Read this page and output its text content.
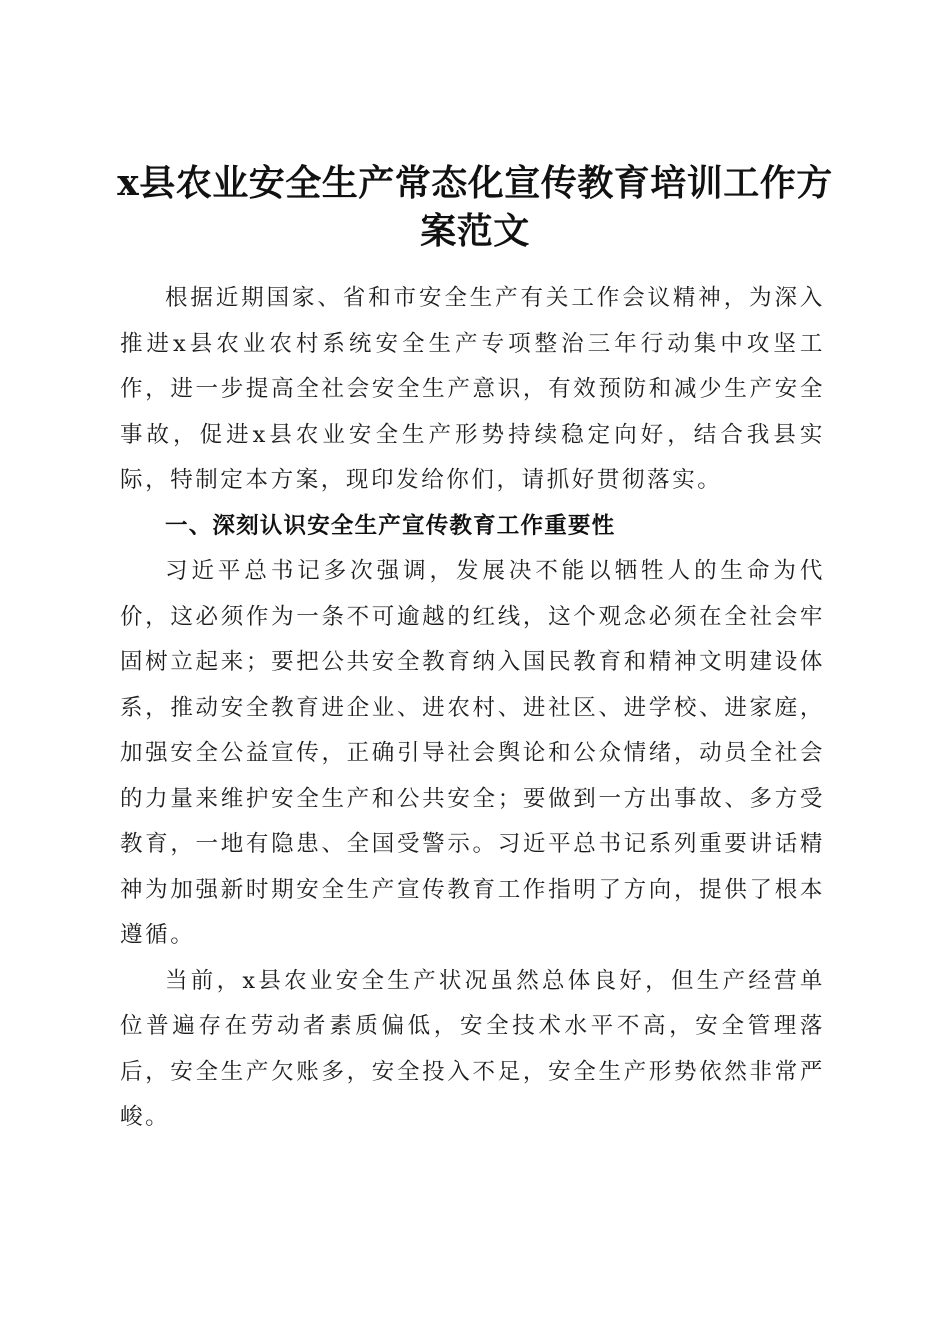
x县农业安全生产常态化宣传教育培训工作方案范文

根据近期国家、省和市安全生产有关工作会议精神，为深入推进x县农业农村系统安全生产专项整治三年行动集中攻坚工作，进一步提高全社会安全生产意识，有效预防和减少生产安全事故，促进x县农业安全生产形势持续稳定向好，结合我县实际，特制定本方案，现印发给你们，请抓好贯彻落实。

一、深刻认识安全生产宣传教育工作重要性

习近平总书记多次强调，发展决不能以牺牲人的生命为代价，这必须作为一条不可逾越的红线，这个观念必须在全社会牢固树立起来；要把公共安全教育纳入国民教育和精神文明建设体系，推动安全教育进企业、进农村、进社区、进学校、进家庭，加强安全公益宣传，正确引导社会舆论和公众情绪，动员全社会的力量来维护安全生产和公共安全；要做到一方出事故、多方受教育，一地有隐患、全国受警示。习近平总书记系列重要讲话精神为加强新时期安全生产宣传教育工作指明了方向，提供了根本遵循。

当前，x县农业安全生产状况虽然总体良好，但生产经营单位普遍存在劳动者素质偏低，安全技术水平不高，安全管理落后，安全生产欠账多，安全投入不足，安全生产形势依然非常严峻。
